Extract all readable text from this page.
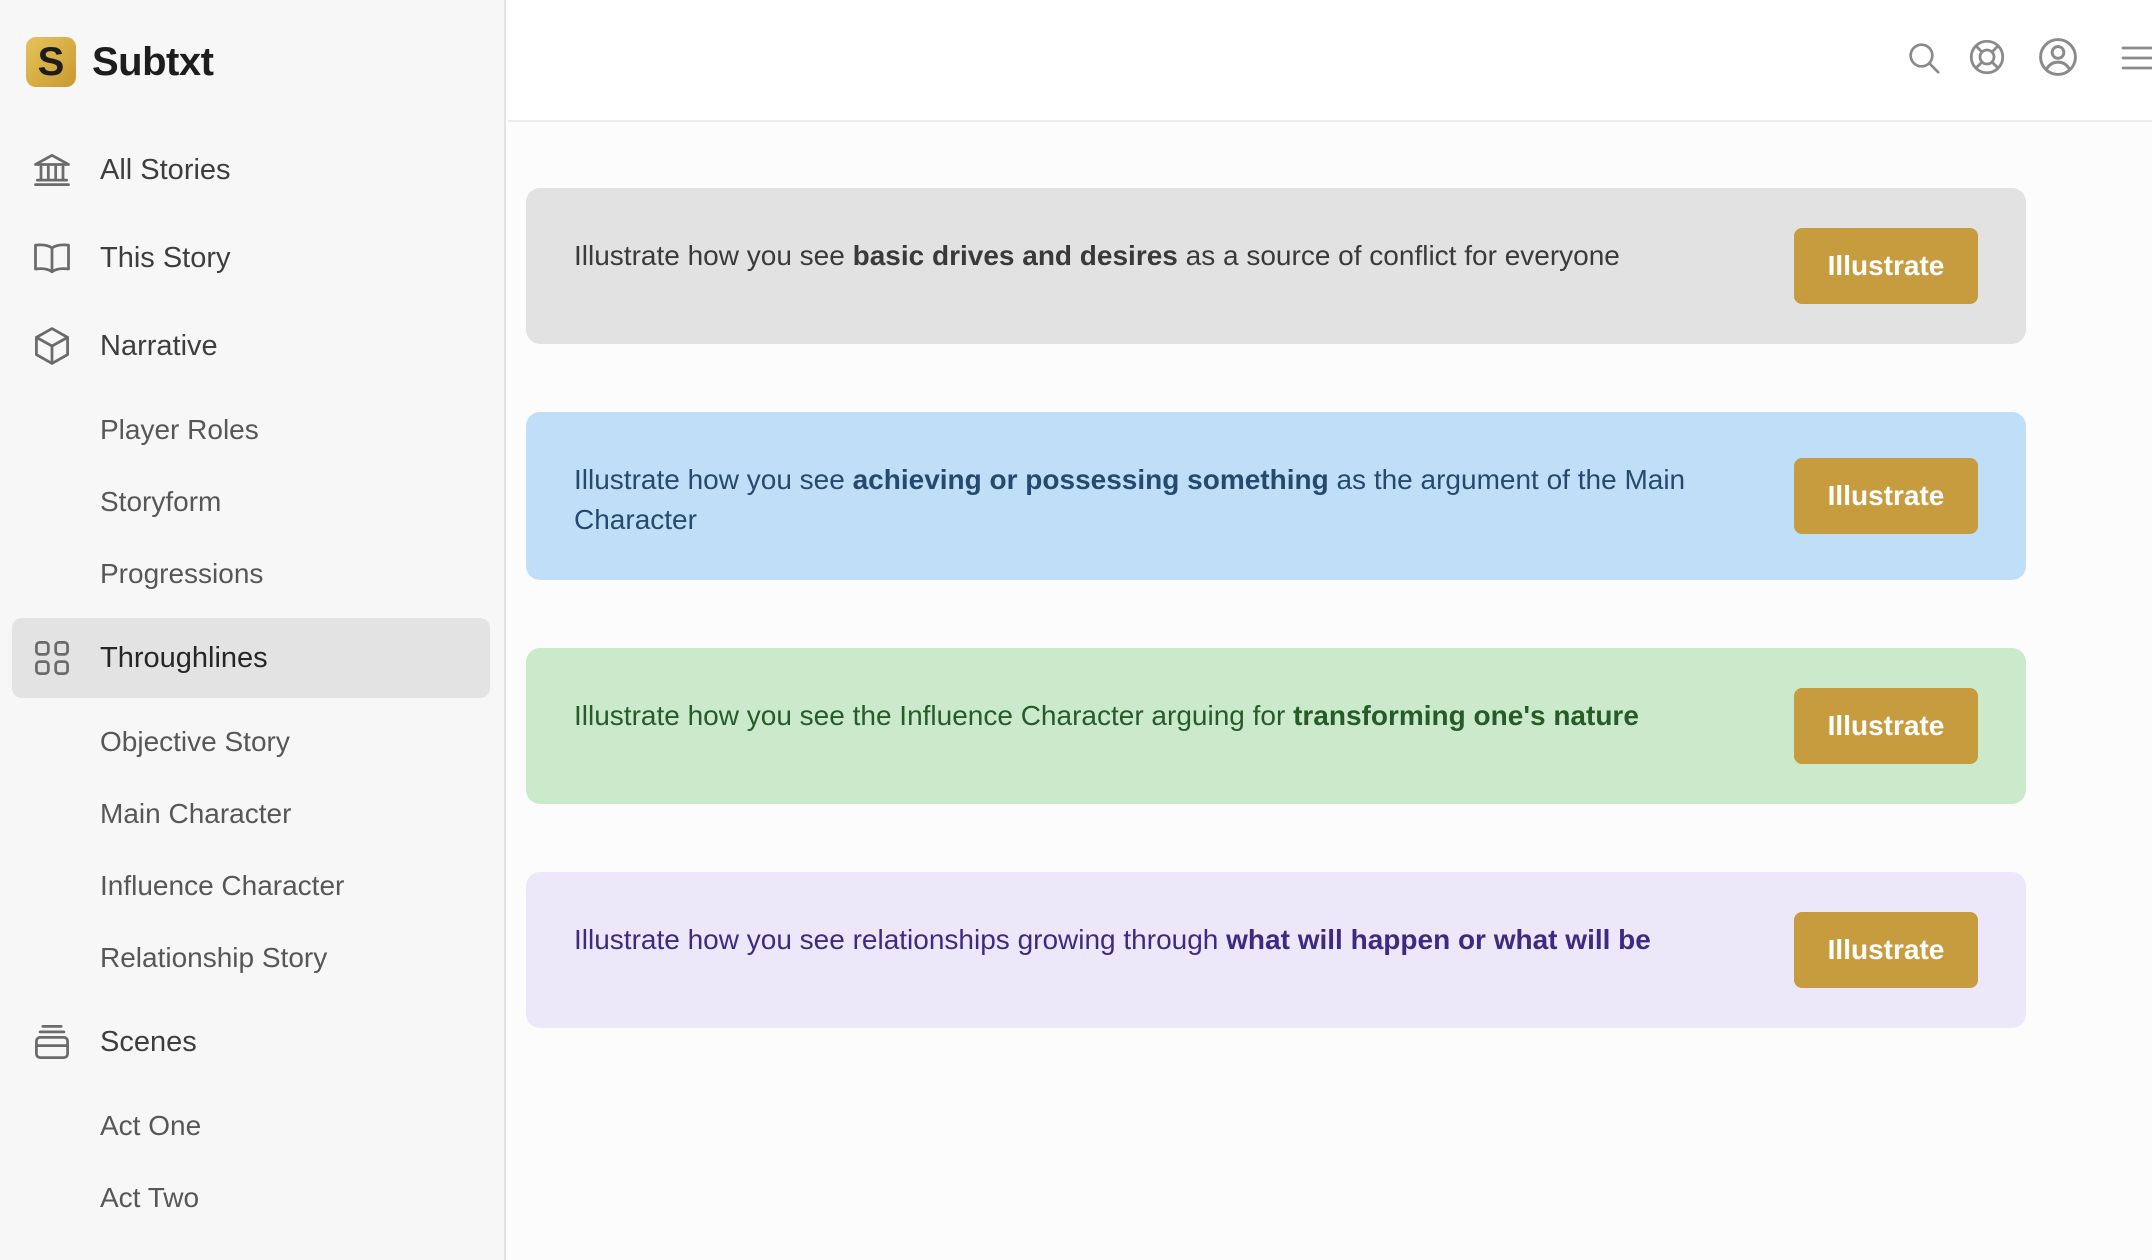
S Subtxt
All Stories
This Story
Narrative
Player Roles
Storyform
Progressions
Throughlines
Objective Story
Main Character
Influence Character
Relationship Story
Scenes
Act One
Act Two

Illustrate how you see basic drives and desires as a source of conflict for everyone	Illustrate

Illustrate how you see achieving or possessing something as the argument of the Main Character

Illustrate

Illustrate how you see the Influence Character arguing for transforming one's nature	Illustrate

Illustrate how you see relationships growing through what will happen or what will be	Illustrate
